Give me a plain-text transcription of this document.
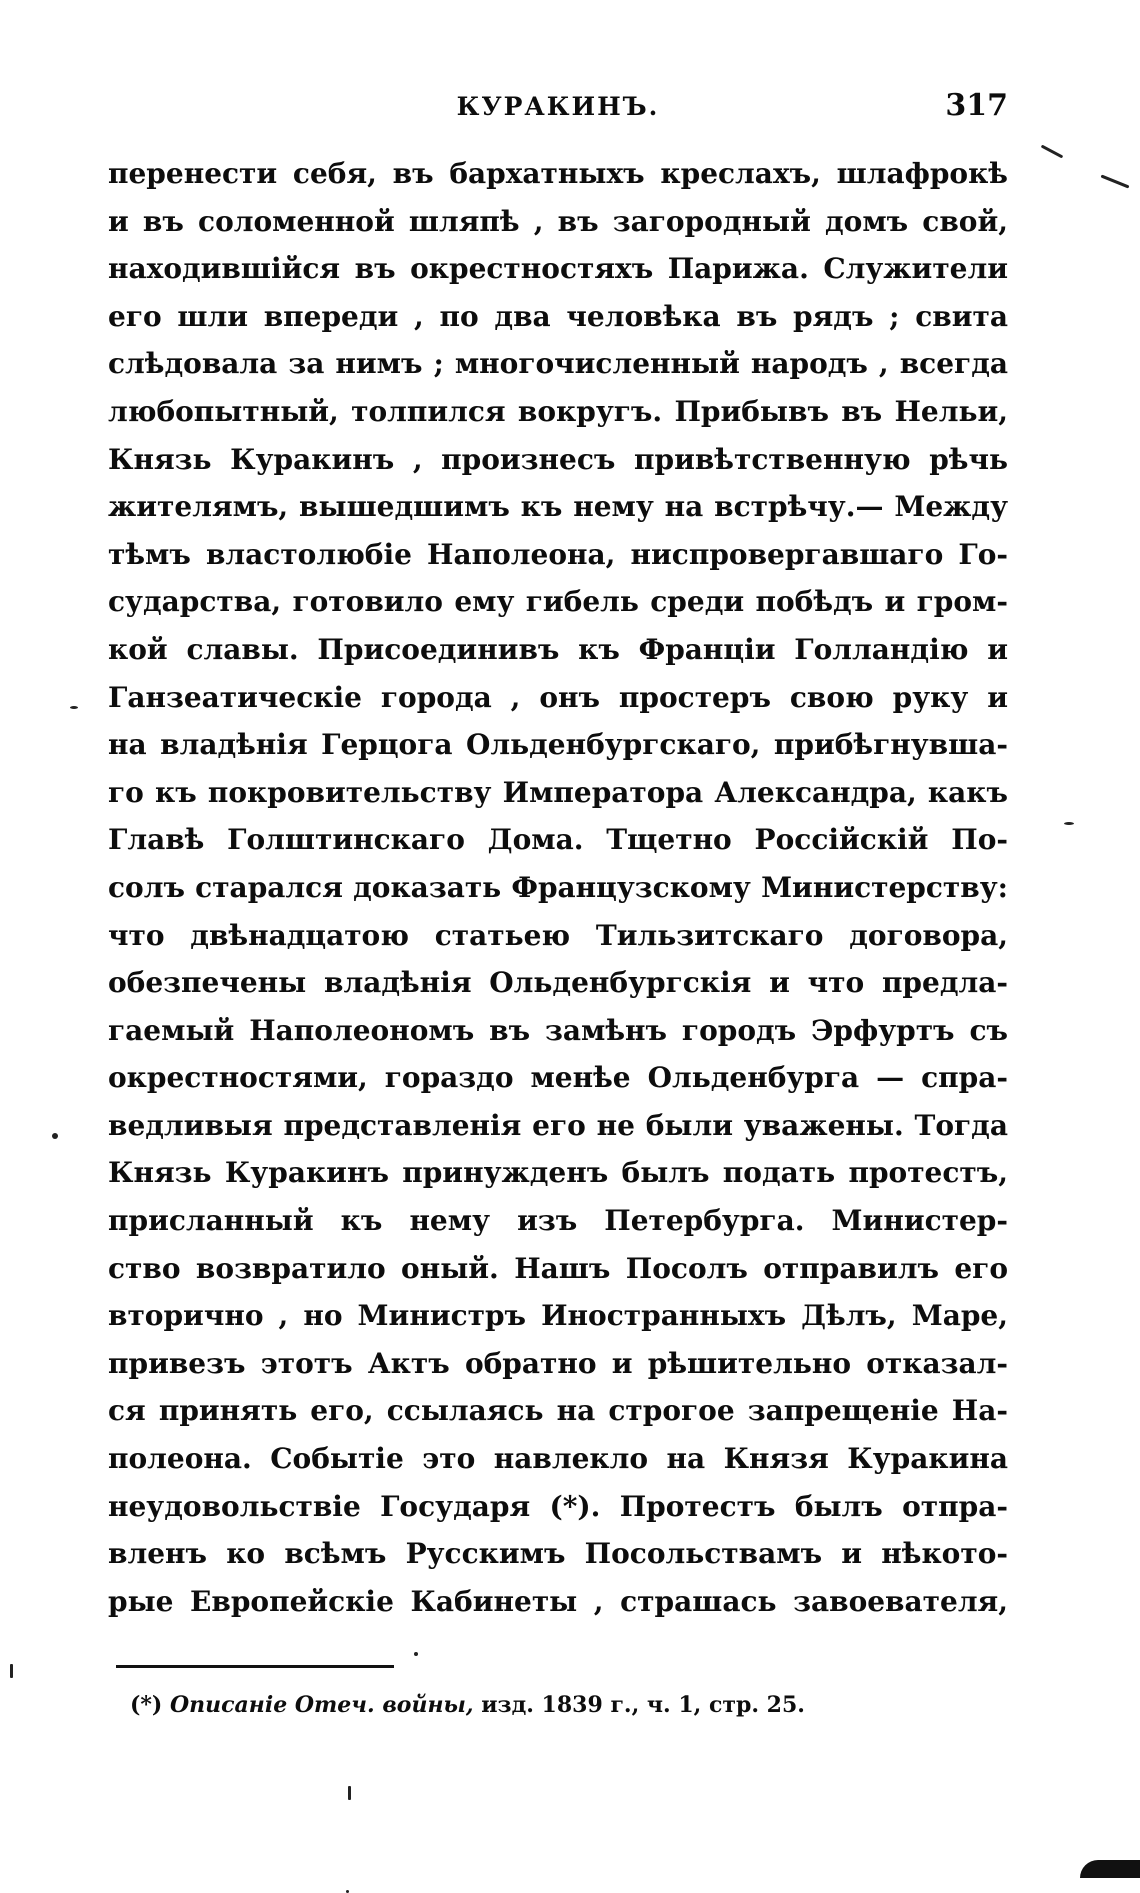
КУРАКИНЪ.	317
перенести себя, въ бархатныхъ креслахъ, шлафрокѣ
и въ соломенной шляпѣ , въ загородный домъ свой,
находившійся въ окрестностяхъ Парижа. Служители
его шли впереди , по два человѣка въ рядъ ; свита
слѣдовала за нимъ ; многочисленный народъ , всегда
любопытный, толпился вокругъ. Прибывъ въ Нельи,
Князь Куракинъ , произнесъ привѣтственную рѣчь
жителямъ, вышедшимъ къ нему на встрѣчу.— Между
тѣмъ властолюбіе Наполеона, ниспровергавшаго Го-
сударства, готовило ему гибель среди побѣдъ и гром-
кой славы. Присоединивъ къ Франціи Голландію и
Ганзеатическіе города , онъ простеръ свою руку и
на владѣнія Герцога Ольденбургскаго, прибѣгнувша-
го къ покровительству Императора Александра, какъ
Главѣ Голштинскаго Дома. Тщетно Россійскій По-
солъ старался доказать Французскому Министерству:
что двѣнадцатою статьею Тильзитскаго договора,
обезпечены владѣнія Ольденбургскія и что предла-
гаемый Наполеономъ въ замѣнъ городъ Эрфуртъ съ
окрестностями, гораздо менѣе Ольденбурга — спра-
ведливыя представленія его не были уважены. Тогда
Князь Куракинъ принужденъ былъ подать протестъ,
присланный къ нему изъ Петербурга. Министер-
ство возвратило оный. Нашъ Посолъ отправилъ его
вторично , но Министръ Иностранныхъ Дѣлъ, Маре,
привезъ этотъ Актъ обратно и рѣшительно отказал-
ся принять его, ссылаясь на строгое запрещеніе На-
полеона. Событіе это навлекло на Князя Куракина
неудовольствіе Государя (*). Протестъ былъ отпра-
вленъ ко всѣмъ Русскимъ Посольствамъ и нѣкото-
рые Европейскіе Кабинеты , страшась завоевателя,
(*) Описаніе Отеч. войны, изд. 1839 г., ч. 1, стр. 25.
